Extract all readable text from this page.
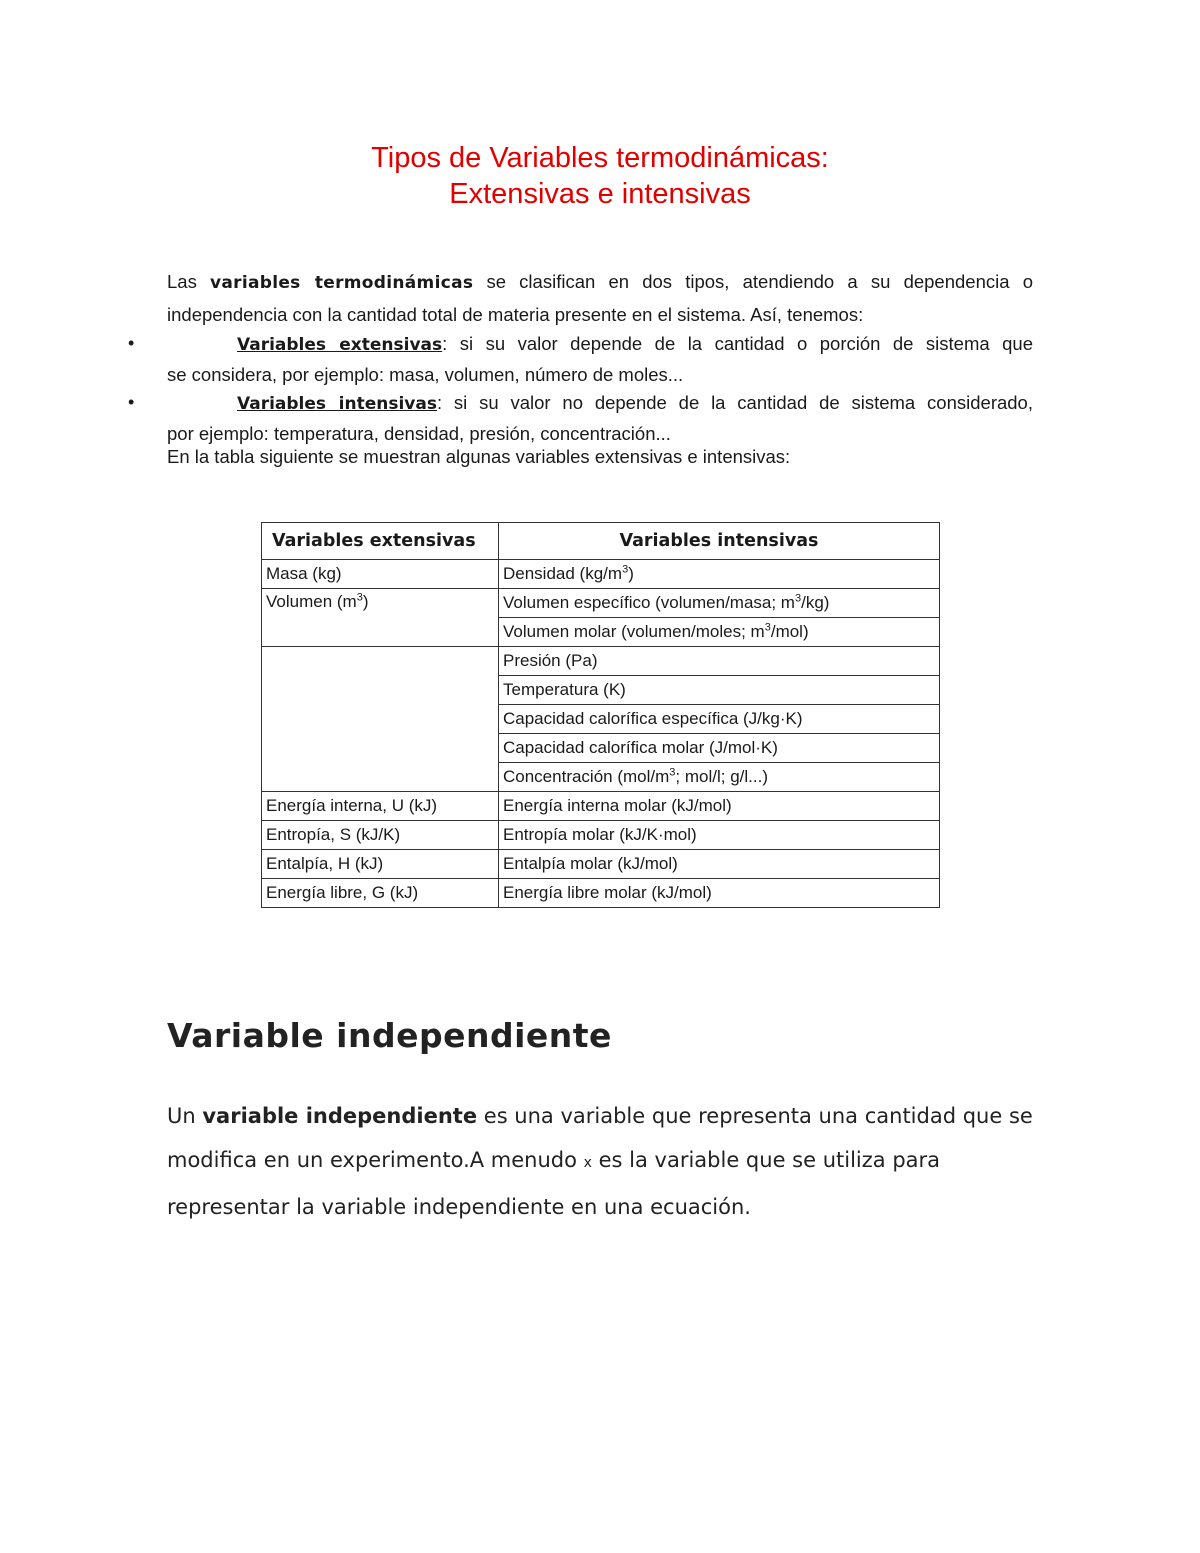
Tipos de Variables termodinámicas:
Extensivas e intensivas
Las variables termodinámicas se clasifican en dos tipos, atendiendo a su dependencia o
independencia con la cantidad total de materia presente en el sistema. Así, tenemos:
•	Variables extensivas: si su valor depende de la cantidad o porción de sistema que
se considera, por ejemplo: masa, volumen, número de moles...
•	Variables intensivas: si su valor no depende de la cantidad de sistema considerado,
por ejemplo: temperatura, densidad, presión, concentración...
En la tabla siguiente se muestran algunas variables extensivas e intensivas:
Variables extensivas	Variables intensivas
Masa (kg)	Densidad $(kg/m^3)$
Volumen $(m^3)$	Volumen específico (volumen/masa; $m^3/kg$)
	Volumen molar (volumen/moles; $m^3/mol$)
	Presión (Pa)
	Temperatura (K)
	Capacidad calorífica específica (J/kg·K)
	Capacidad calorífica molar (J/mol·K)
	Concentración ($mol/m^3$; mol/l; g/l...)
Energía interna, U (kJ)	Energía interna molar (kJ/mol)
Entropía, S (kJ/K)	Entropía molar (kJ/K·mol)
Entalpía, H (kJ)	Entalpía molar (kJ/mol)
Energía libre, G (kJ)	Energía libre molar (kJ/mol)
Variable independiente
Un variable independiente es una variable que representa una cantidad que se modifica en un experimento.A menudo x es la variable que se utiliza para representar la variable independiente en una ecuación.
